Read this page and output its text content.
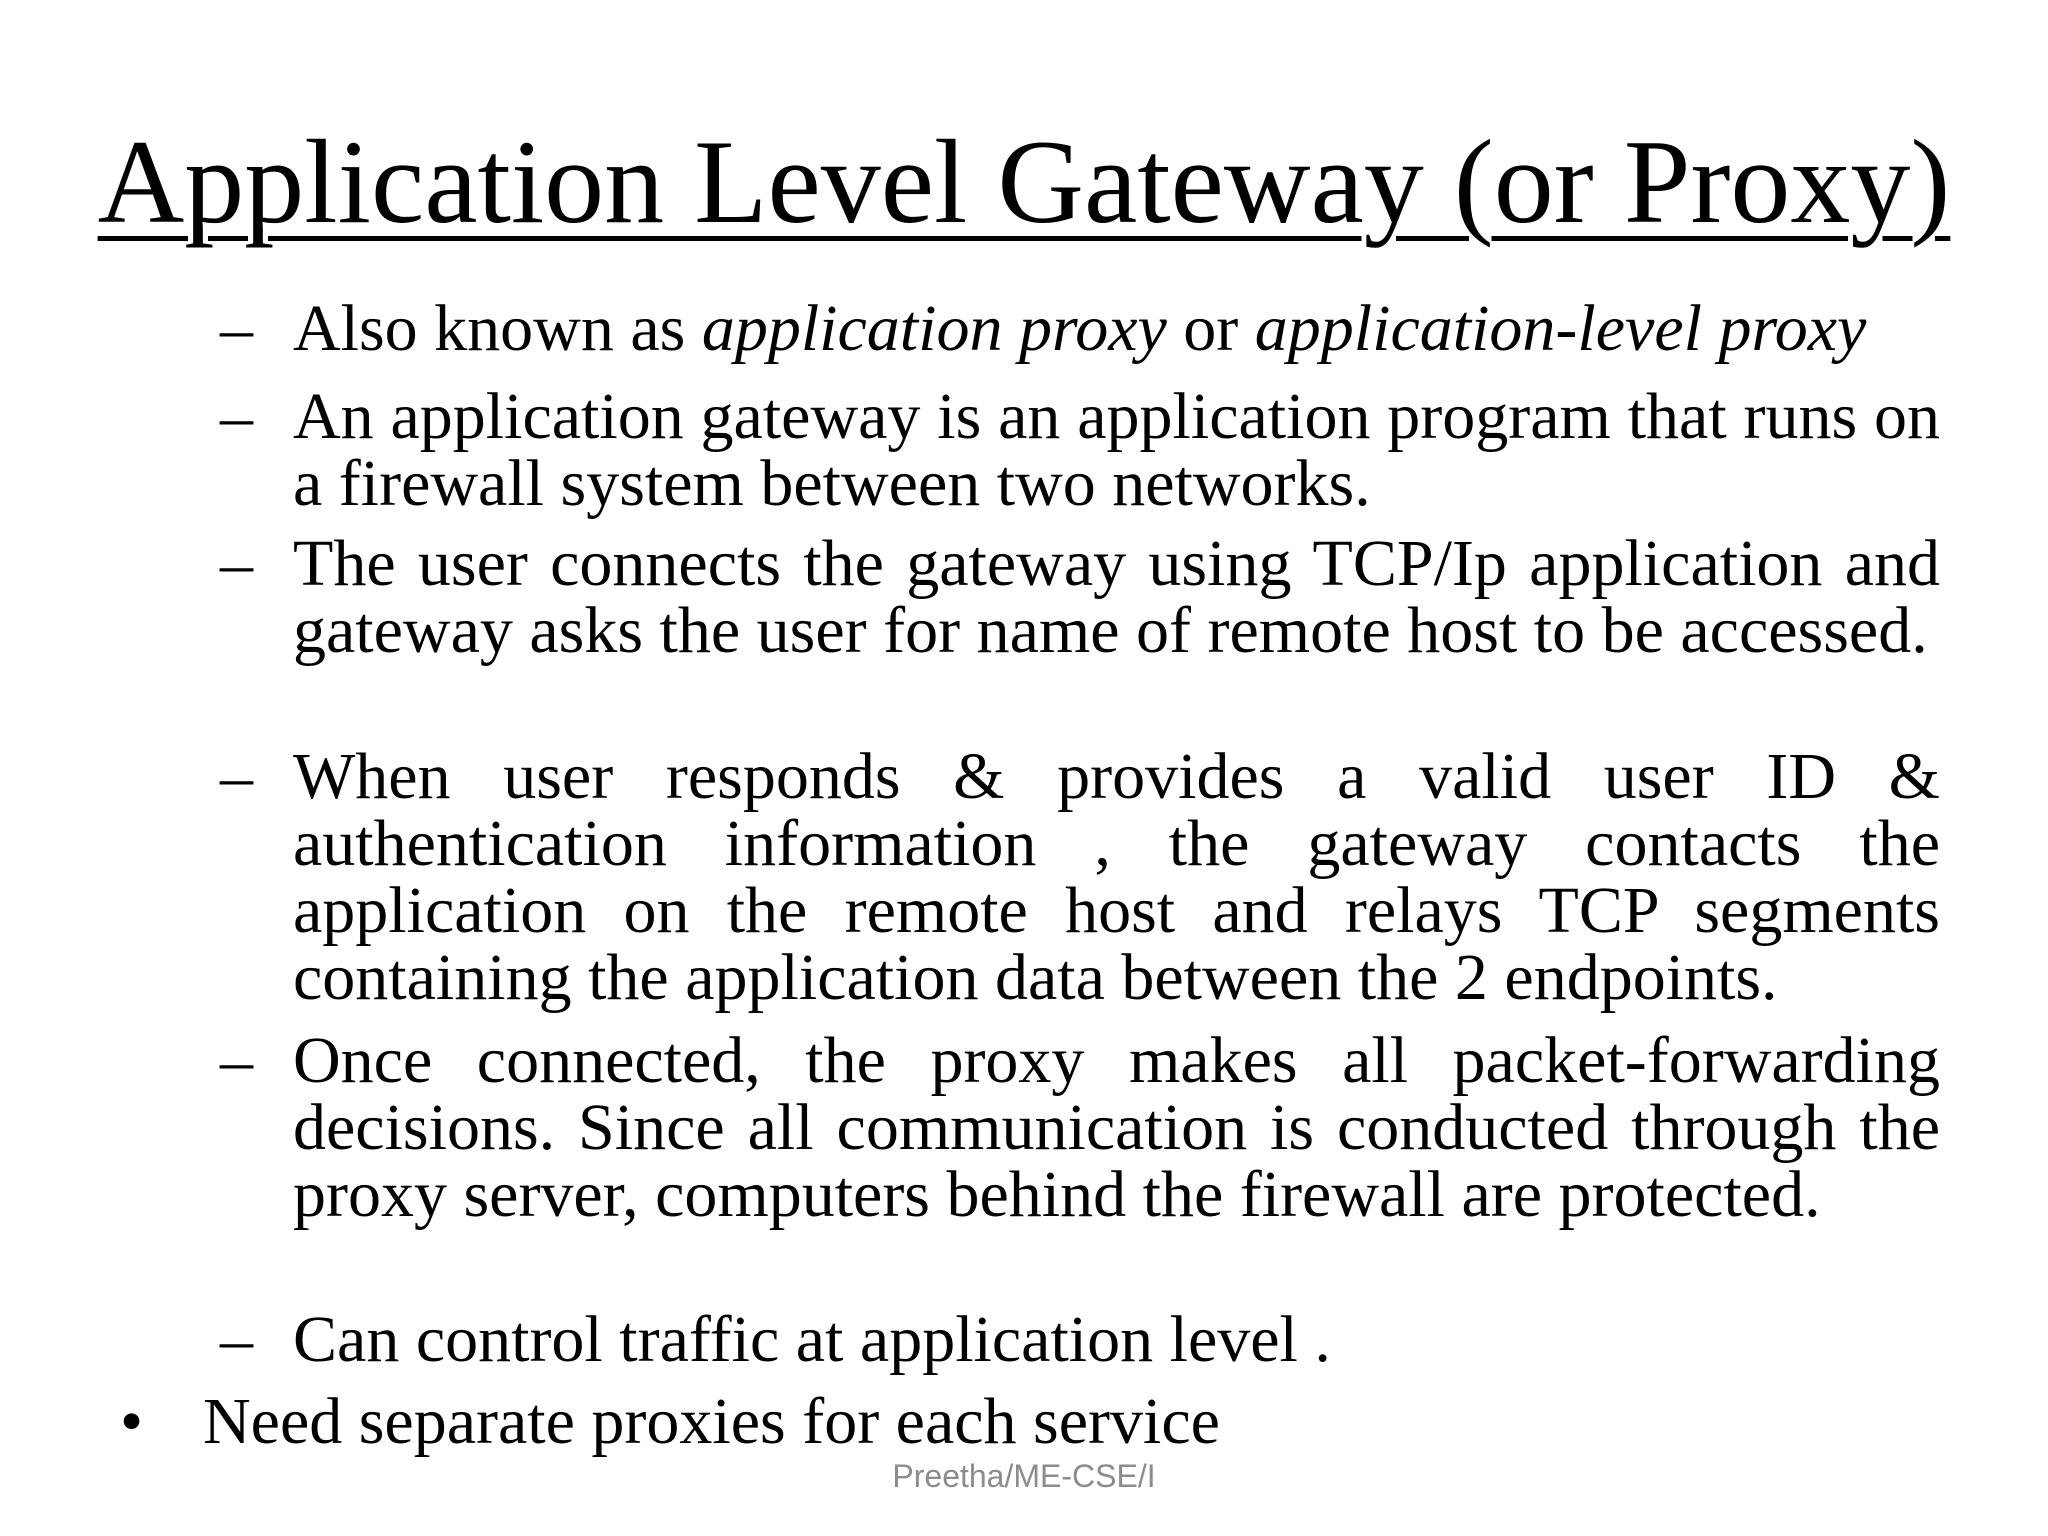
Application Level Gateway (or Proxy)
– Also known as application proxy or application-level proxy
– An application gateway is an application program that runs on a firewall system between two networks.
– The user connects the gateway using TCP/Ip application and gateway asks the user for name of remote host to be accessed.
– When user responds & provides a valid user ID & authentication information , the gateway contacts the application on the remote host and relays TCP segments containing the application data between the 2 endpoints.
– Once connected, the proxy makes all packet-forwarding decisions. Since all communication is conducted through the proxy server, computers behind the firewall are protected.
– Can control traffic at application level .
• Need separate proxies for each service
Preetha/ME-CSE/I
